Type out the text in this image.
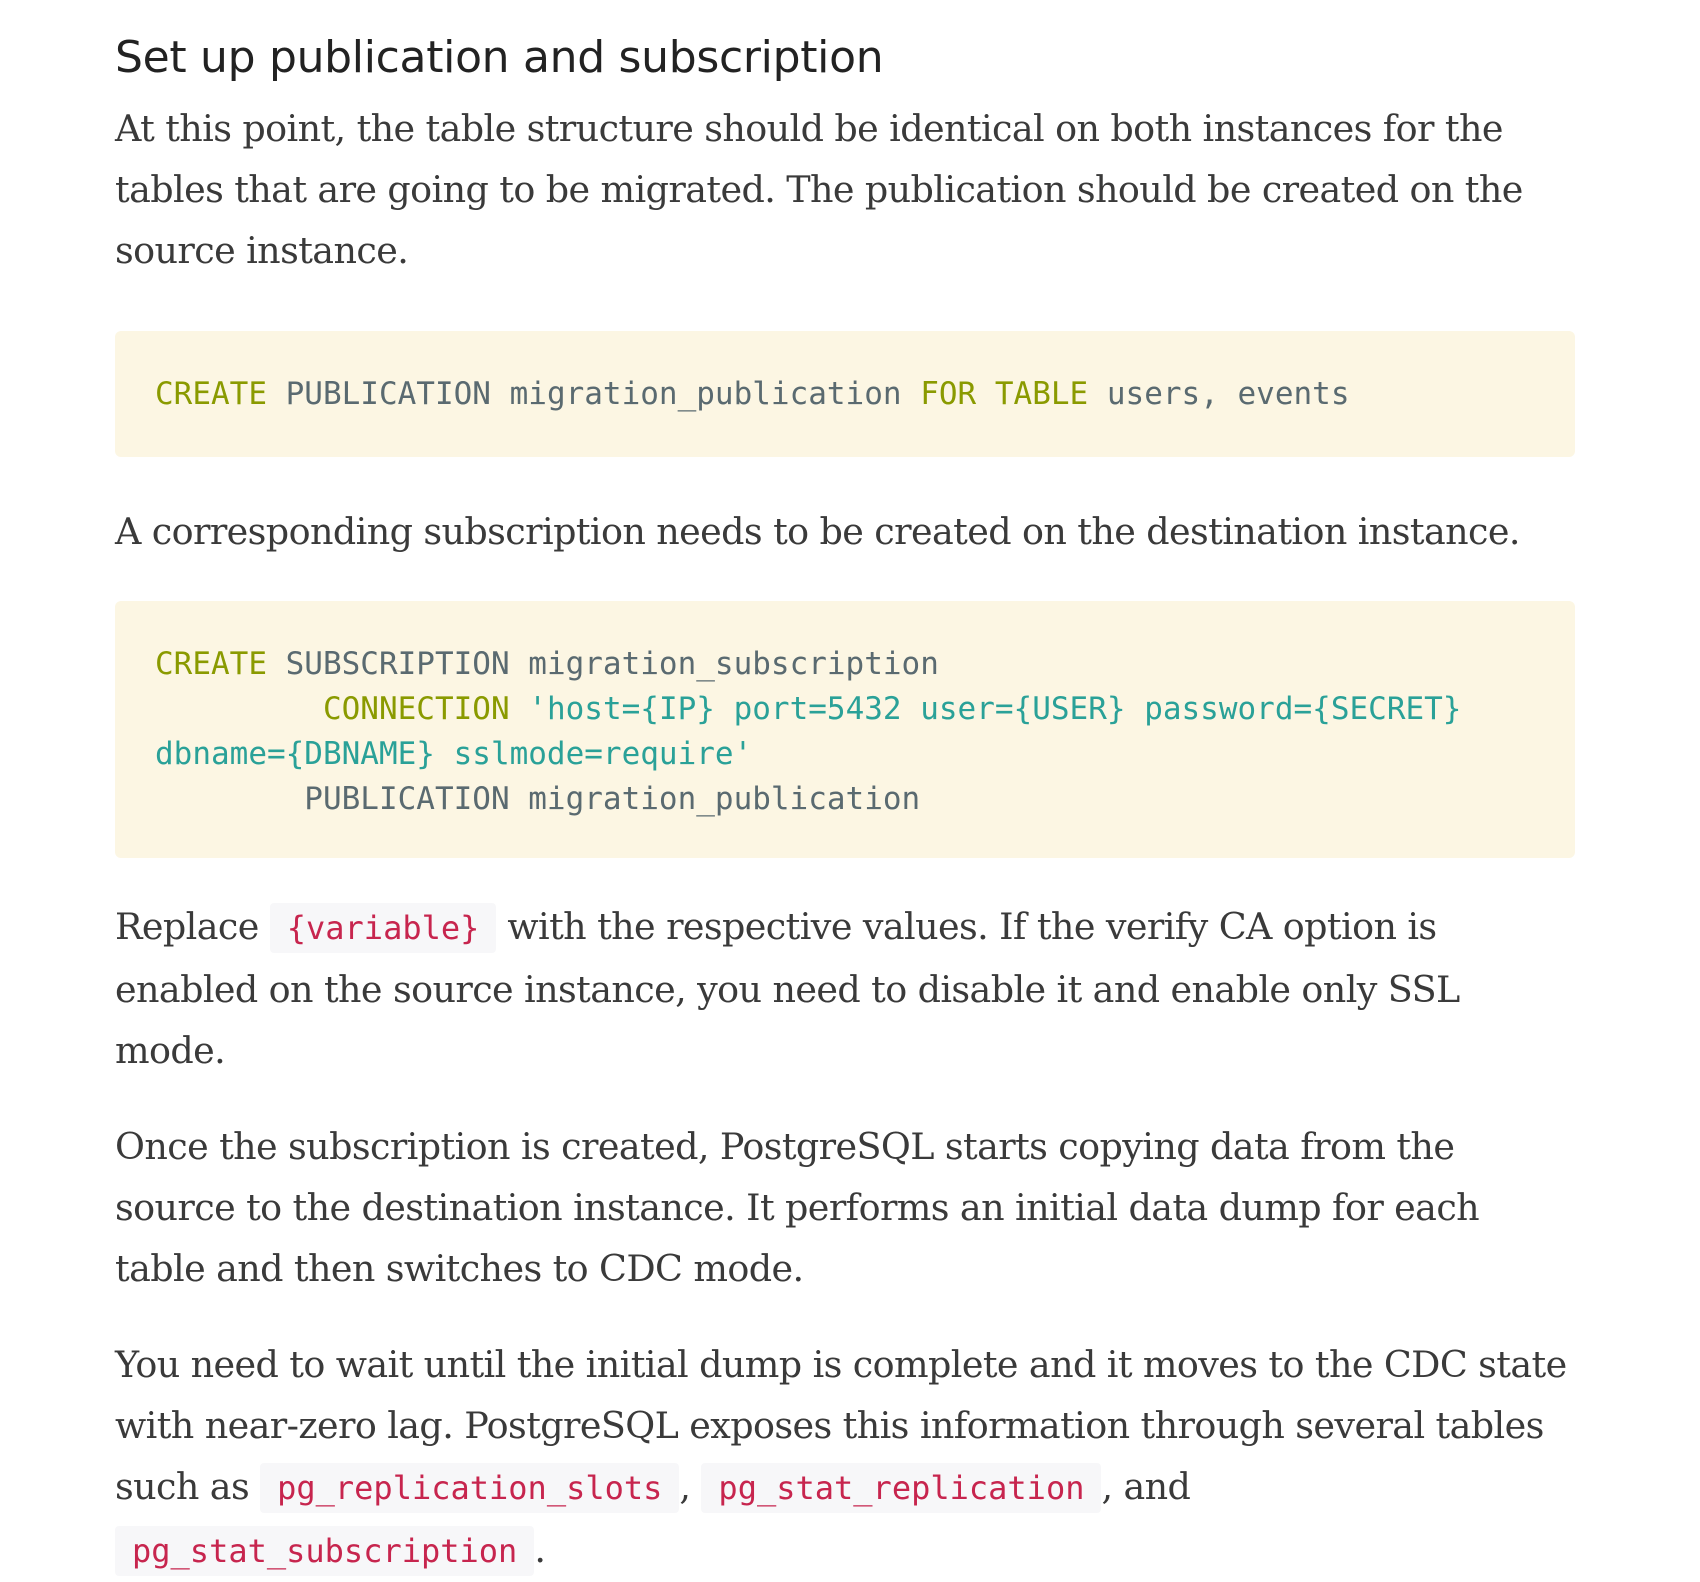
Set up publication and subscription

At this point, the table structure should be identical on both instances for the tables that are going to be migrated. The publication should be created on the source instance.

CREATE PUBLICATION migration_publication FOR TABLE users, events

A corresponding subscription needs to be created on the destination instance.

CREATE SUBSCRIPTION migration_subscription
CONNECTION 'host={IP} port=5432 user={USER} password={SECRET}
dbname={DBNAME} sslmode=require'
PUBLICATION migration_publication

Replace {variable} with the respective values. If the verify CA option is enabled on the source instance, you need to disable it and enable only SSL mode.

Once the subscription is created, PostgreSQL starts copying data from the source to the destination instance. It performs an initial data dump for each table and then switches to CDC mode.

You need to wait until the initial dump is complete and it moves to the CDC state with near-zero lag. PostgreSQL exposes this information through several tables such as pg_replication_slots , pg_stat_replication , and pg_stat_subscription .
